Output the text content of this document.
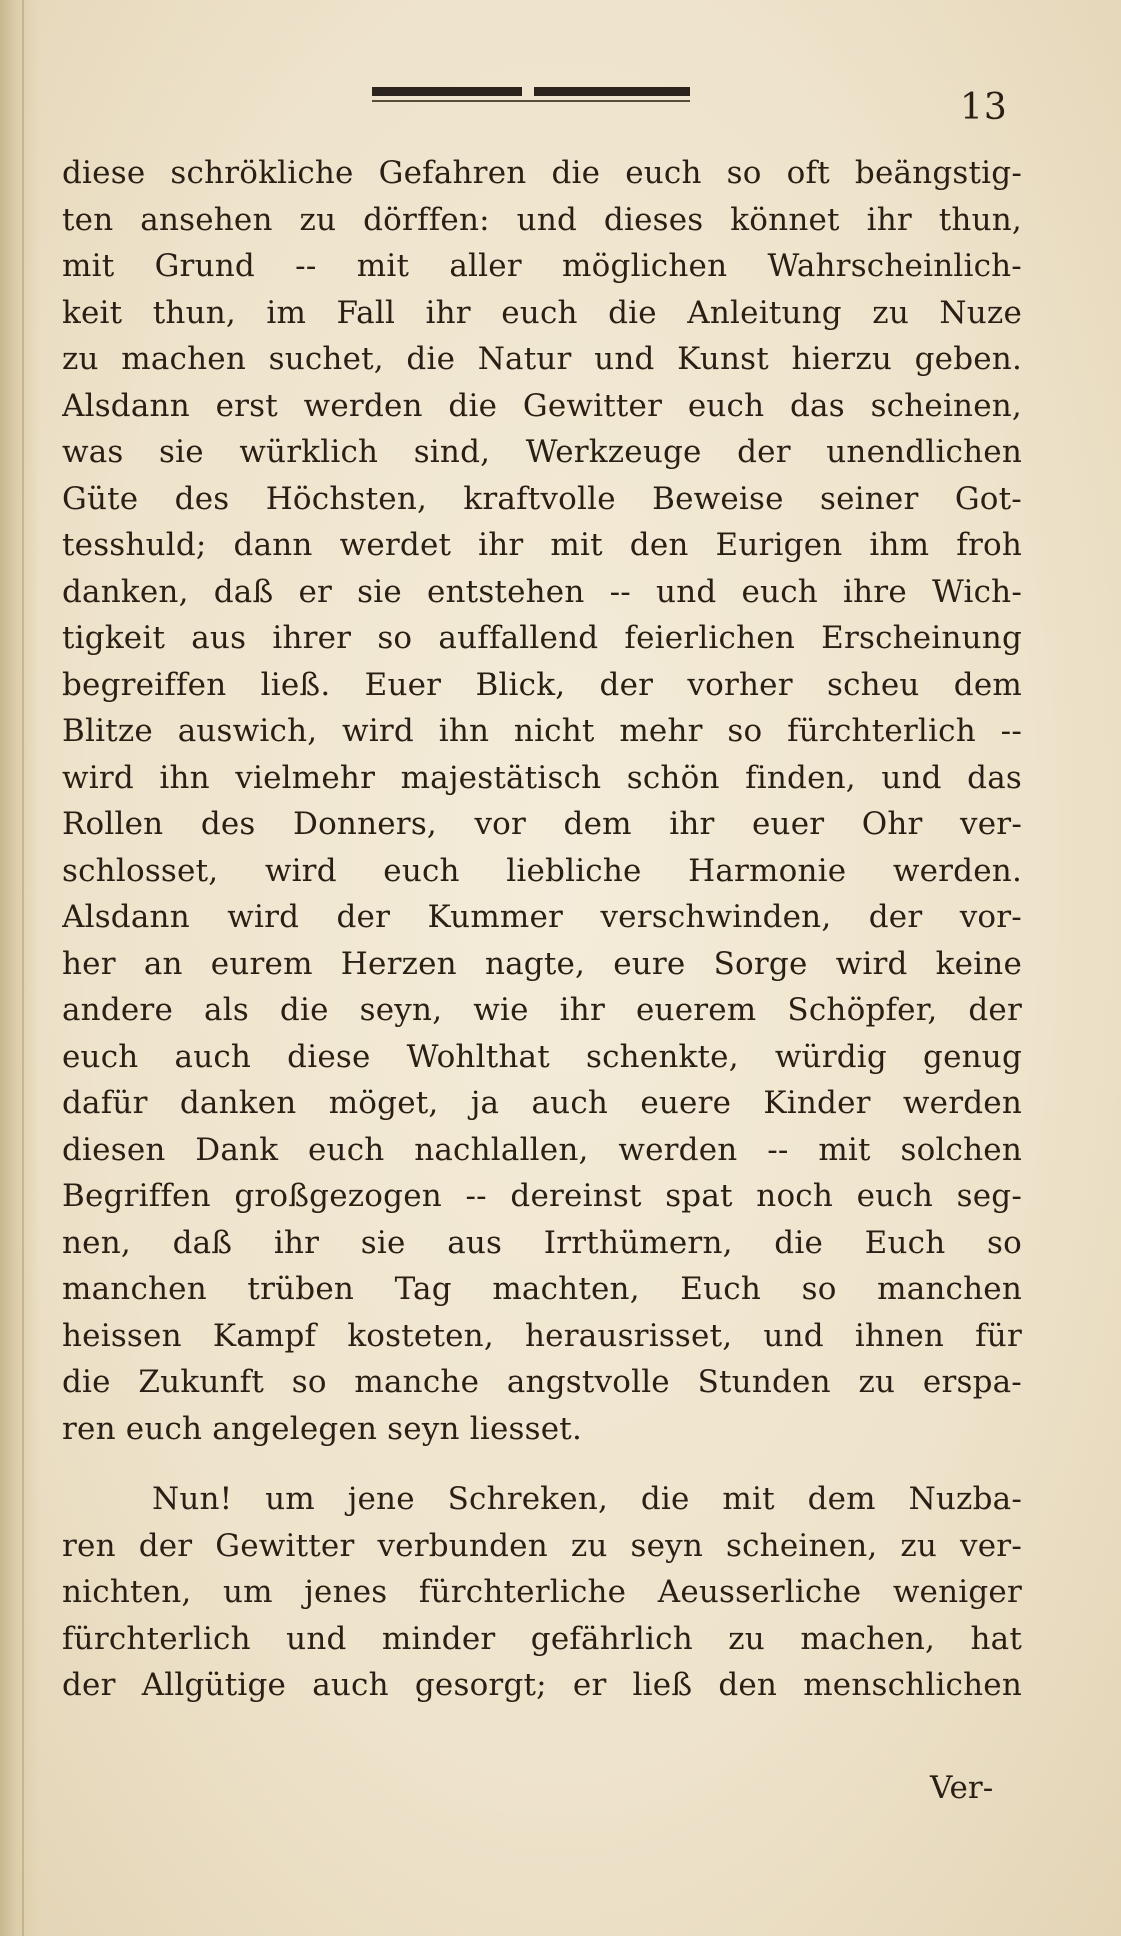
13
diese schrökliche Gefahren die euch so oft beängstig-
ten ansehen zu dörffen: und dieses könnet ihr thun,
mit Grund -- mit aller möglichen Wahrscheinlich-
keit thun, im Fall ihr euch die Anleitung zu Nuze
zu machen suchet, die Natur und Kunst hierzu geben.
Alsdann erst werden die Gewitter euch das scheinen,
was sie würklich sind, Werkzeuge der unendlichen
Güte des Höchsten, kraftvolle Beweise seiner Got-
tesshuld; dann werdet ihr mit den Eurigen ihm froh
danken, daß er sie entstehen -- und euch ihre Wich-
tigkeit aus ihrer so auffallend feierlichen Erscheinung
begreiffen ließ. Euer Blick, der vorher scheu dem
Blitze auswich, wird ihn nicht mehr so fürchterlich --
wird ihn vielmehr majestätisch schön finden, und das
Rollen des Donners, vor dem ihr euer Ohr ver-
schlosset, wird euch liebliche Harmonie werden.
Alsdann wird der Kummer verschwinden, der vor-
her an eurem Herzen nagte, eure Sorge wird keine
andere als die seyn, wie ihr euerem Schöpfer, der
euch auch diese Wohlthat schenkte, würdig genug
dafür danken möget, ja auch euere Kinder werden
diesen Dank euch nachlallen, werden -- mit solchen
Begriffen großgezogen -- dereinst spat noch euch seg-
nen, daß ihr sie aus Irrthümern, die Euch so
manchen trüben Tag machten, Euch so manchen
heissen Kampf kosteten, herausrisset, und ihnen für
die Zukunft so manche angstvolle Stunden zu erspa-
ren euch angelegen seyn liesset.
Nun! um jene Schreken, die mit dem Nuzba-
ren der Gewitter verbunden zu seyn scheinen, zu ver-
nichten, um jenes fürchterliche Aeusserliche weniger
fürchterlich und minder gefährlich zu machen, hat
der Allgütige auch gesorgt; er ließ den menschlichen
Ver-
